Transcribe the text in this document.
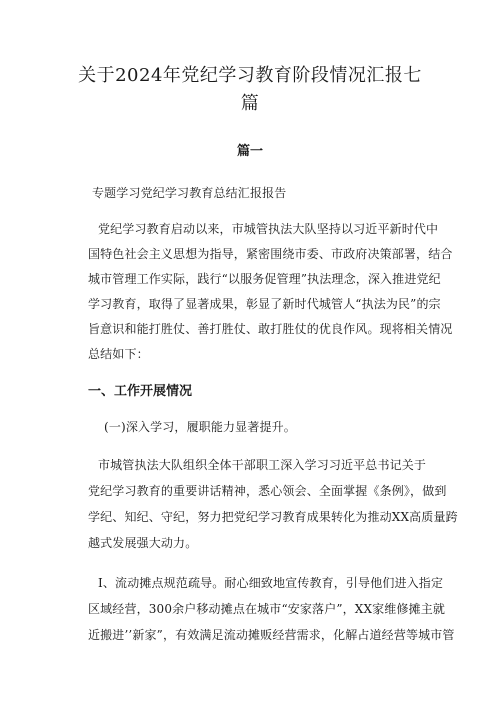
关于2024年党纪学习教育阶段情况汇报七
篇
篇一
专题学习党纪学习教育总结汇报报告
党纪学习教育启动以来，市城管执法大队坚持以习近平新时代中
国特色社会主义思想为指导，紧密围绕市委、市政府决策部署，结合
城市管理工作实际，践行“以服务促管理”执法理念，深入推进党纪
学习教育，取得了显著成果，彰显了新时代城管人“执法为民”的宗
旨意识和能打胜仗、善打胜仗、敢打胜仗的优良作风。现将相关情况
总结如下：
一、工作开展情况
(一)深入学习，履职能力显著提升。
市城管执法大队组织全体干部职工深入学习习近平总书记关于
党纪学习教育的重要讲话精神，悉心领会、全面掌握《条例》，做到
学纪、知纪、守纪，努力把党纪学习教育成果转化为推动XX高质量跨
越式发展强大动力。
I、流动摊点规范疏导。耐心细致地宣传教育，引导他们进入指定
区域经营，300余户移动摊点在城市“安家落户”，XX家维修摊主就
近搬进’’新家”，有效满足流动摊贩经营需求，化解占道经营等城市管
